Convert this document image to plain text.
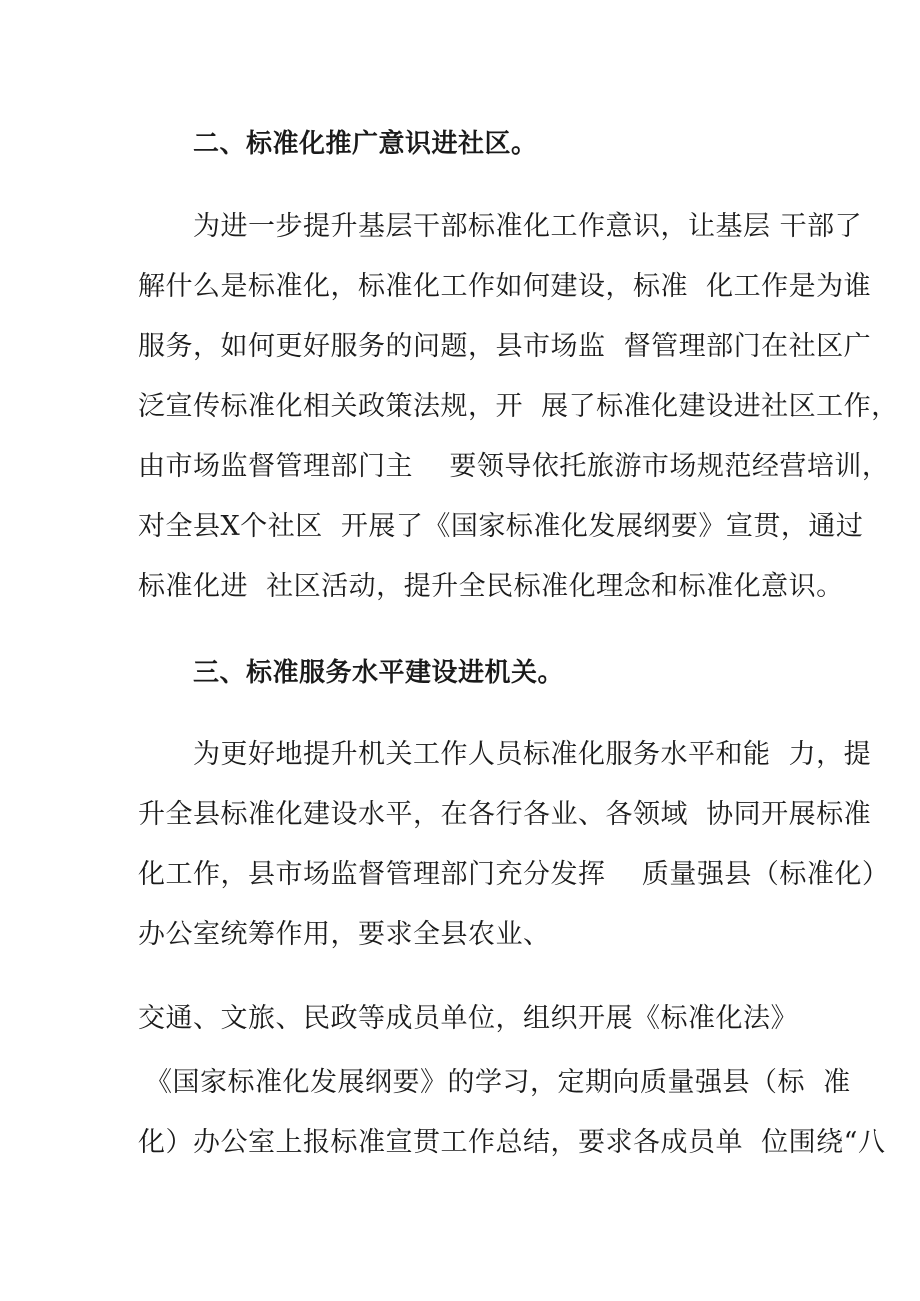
二、标准化推广意识进社区。
为进一步提升基层干部标准化工作意识，让基层 干部了
解什么是标准化，标准化工作如何建设，标准  化工作是为谁
服务，如何更好服务的问题，县市场监  督管理部门在社区广
泛宣传标准化相关政策法规，开  展了标准化建设进社区工作，
由市场监督管理部门主    要领导依托旅游市场规范经营培训，
对全县X个社区  开展了《国家标准化发展纲要》宣贯，通过
标准化进  社区活动，提升全民标准化理念和标准化意识。
三、标准服务水平建设进机关。
为更好地提升机关工作人员标准化服务水平和能  力，提
升全县标准化建设水平，在各行各业、各领域  协同开展标准
化工作，县市场监督管理部门充分发挥    质量强县（标准化）
办公室统筹作用，要求全县农业、
交通、文旅、民政等成员单位，组织开展《标准化法》
《国家标准化发展纲要》的学习，定期向质量强县（标  准
化）办公室上报标准宣贯工作总结，要求各成员单  位围绕“八
